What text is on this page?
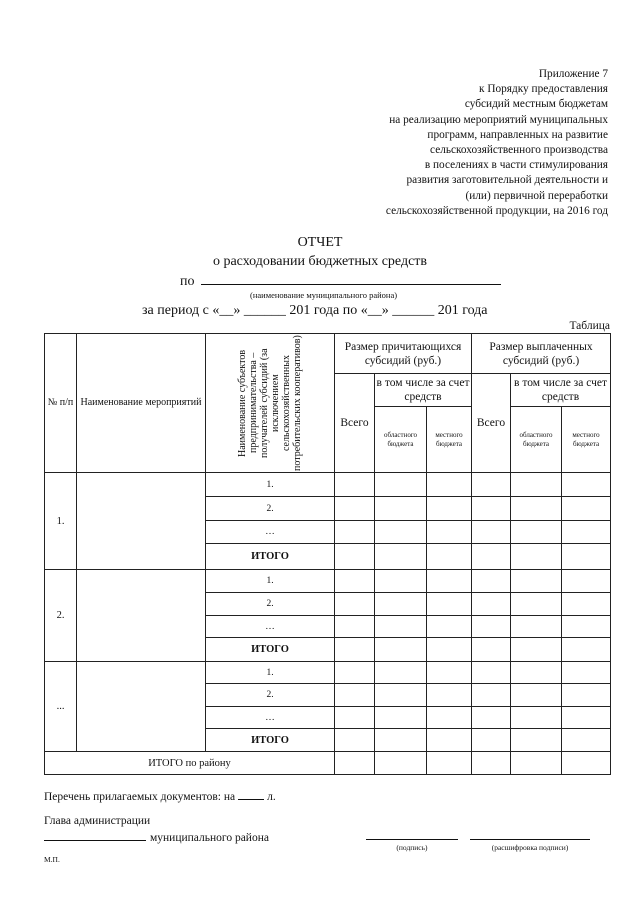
Приложение 7
к Порядку предоставления
субсидий местным бюджетам
на реализацию мероприятий муниципальных
программ, направленных на развитие
сельскохозяйственного производства
в поселениях в части стимулирования
развития заготовительной деятельности и
(или) первичной переработки
сельскохозяйственной продукции, на 2016 год
ОТЧЕТ
о расходовании бюджетных средств
по
(наименование муниципального района)
за период с «__» ______ 201 года по «__» ______ 201 года
Таблица
№ п/п	Наименование мероприятий	Наименование субъектов предпринимательства – получателей субсидий (за исключением сельскохозяйственных потребительских кооперативов)	Размер причитающихся субсидий (руб.)			Размер выплаченных субсидий (руб.)		
			Всего	в том числе за счет средств		Всего	в том числе за счет средств	
				областного бюджета	местного бюджета		областного бюджета	местного бюджета
1.		1.						
		2.						
		…						
		ИТОГО						
2.		1.						
		2.						
		…						
		ИТОГО						
...		1.						
		2.						
		…						
		ИТОГО						
ИТОГО по району								
Перечень прилагаемых документов: на	л.
Глава администрации
муниципального района
(подпись)	(расшифровка подписи)
М.П.
